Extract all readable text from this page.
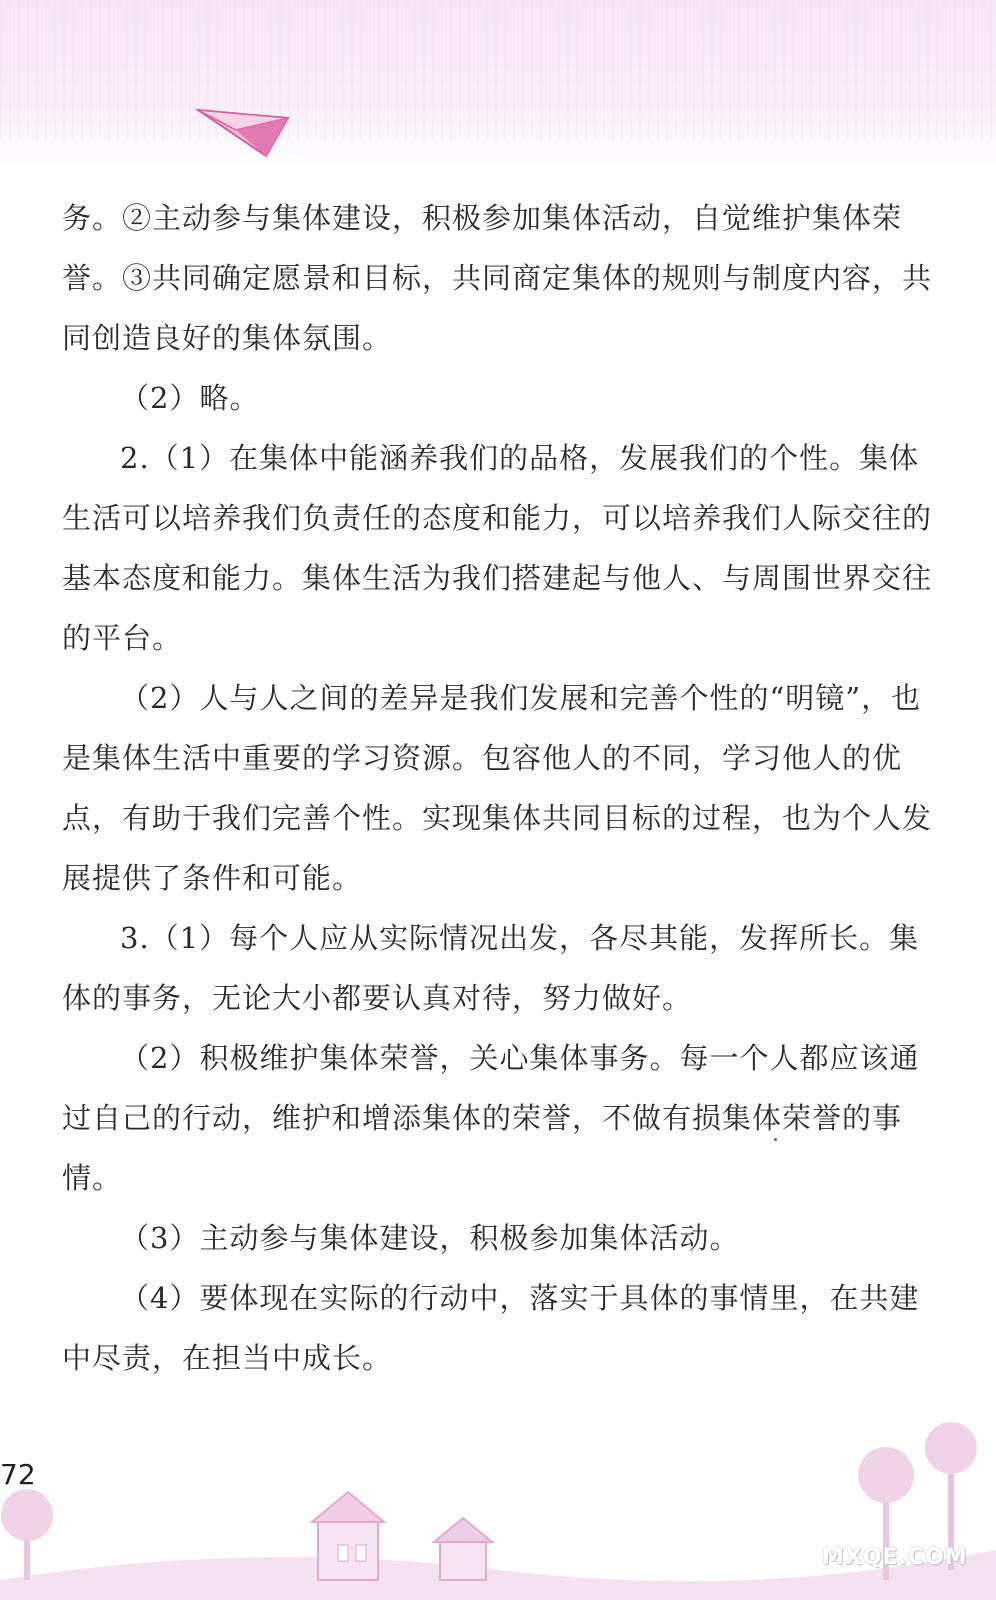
务。②主动参与集体建设，积极参加集体活动，自觉维护集体荣誉。③共同确定愿景和目标，共同商定集体的规则与制度内容，共同创造良好的集体氛围。

（2）略。

2.（1）在集体中能涵养我们的品格，发展我们的个性。集体生活可以培养我们负责任的态度和能力，可以培养我们人际交往的基本态度和能力。集体生活为我们搭建起与他人、与周围世界交往的平台。

（2）人与人之间的差异是我们发展和完善个性的“明镜”，也是集体生活中重要的学习资源。包容他人的不同，学习他人的优点，有助于我们完善个性。实现集体共同目标的过程，也为个人发展提供了条件和可能。

3.（1）每个人应从实际情况出发，各尽其能，发挥所长。集体的事务，无论大小都要认真对待，努力做好。

（2）积极维护集体荣誉，关心集体事务。每一个人都应该通过自己的行动，维护和增添集体的荣誉，不做有损集体荣誉的事情。

（3）主动参与集体建设，积极参加集体活动。

（4）要体现在实际的行动中，落实于具体的事情里，在共建中尽责，在担当中成长。

72
MXQE.COM
